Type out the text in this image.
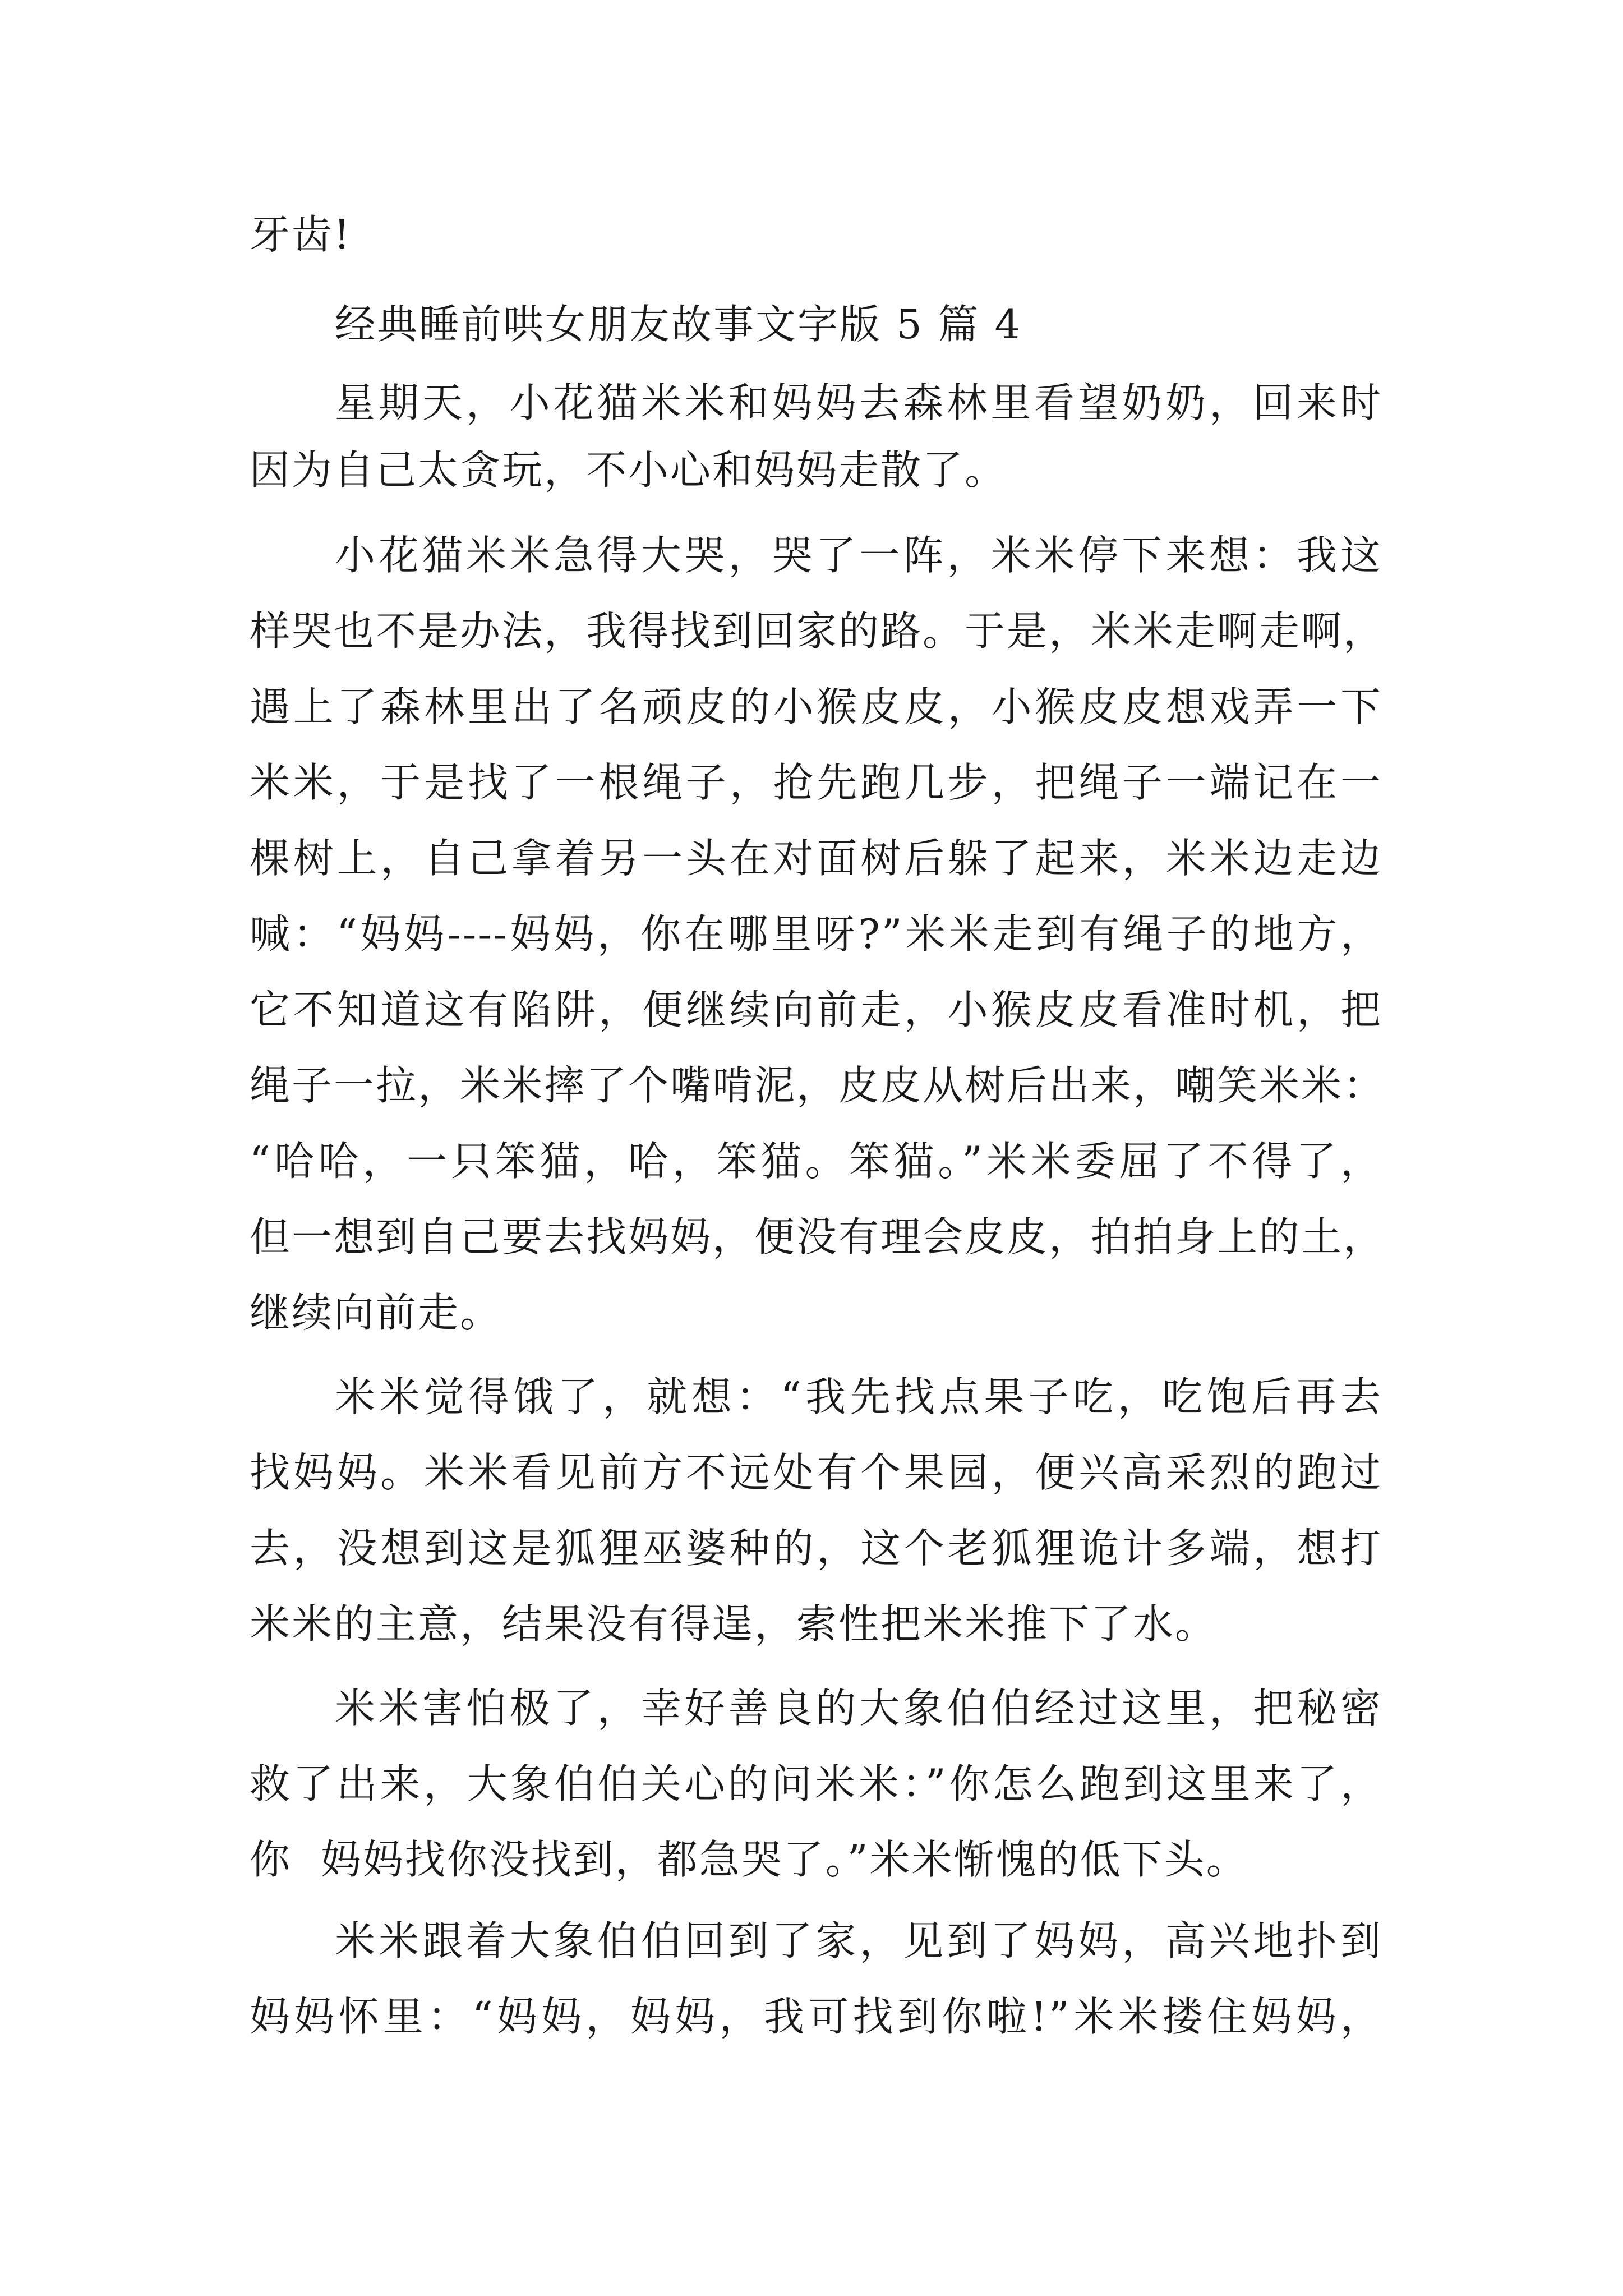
牙齿!
经典睡前哄女朋友故事文字版 5 篇 4
星期天，小花猫米米和妈妈去森林里看望奶奶，回来时
因为自己太贪玩，不小心和妈妈走散了。
小花猫米米急得大哭，哭了一阵，米米停下来想：我这
样哭也不是办法，我得找到回家的路。于是，米米走啊走啊，
遇上了森林里出了名顽皮的小猴皮皮，小猴皮皮想戏弄一下
米米，于是找了一根绳子，抢先跑几步，把绳子一端记在一
棵树上，自己拿着另一头在对面树后躲了起来，米米边走边
喊：“妈妈----妈妈，你在哪里呀?”米米走到有绳子的地方，
它不知道这有陷阱，便继续向前走，小猴皮皮看准时机，把
绳子一拉，米米摔了个嘴啃泥，皮皮从树后出来，嘲笑米米：
“哈哈，一只笨猫，哈，笨猫。笨猫。”米米委屈了不得了，
但一想到自己要去找妈妈，便没有理会皮皮，拍拍身上的土，
继续向前走。
米米觉得饿了，就想：“我先找点果子吃，吃饱后再去
找妈妈。米米看见前方不远处有个果园，便兴高采烈的跑过
去，没想到这是狐狸巫婆种的，这个老狐狸诡计多端，想打
米米的主意，结果没有得逞，索性把米米推下了水。
米米害怕极了，幸好善良的大象伯伯经过这里，把秘密
救了出来，大象伯伯关心的问米米：”你怎么跑到这里来了，
你  妈妈找你没找到，都急哭了。”米米惭愧的低下头。
米米跟着大象伯伯回到了家，见到了妈妈，高兴地扑到
妈妈怀里：“妈妈，妈妈，我可找到你啦!”米米搂住妈妈，
